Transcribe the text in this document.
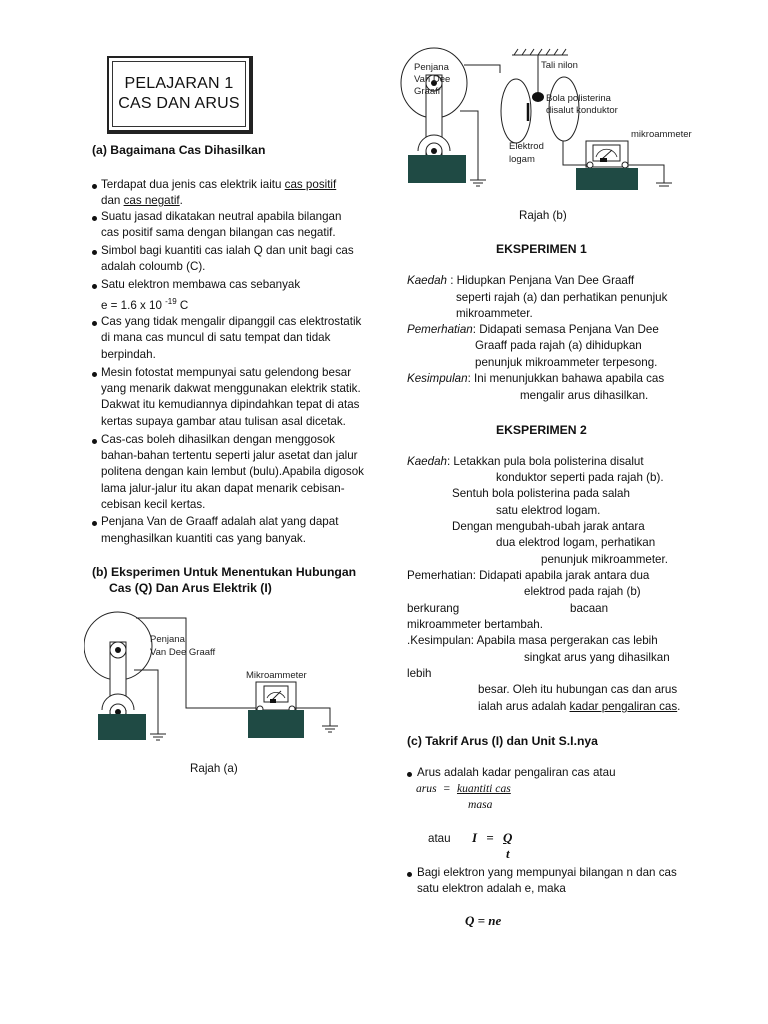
PELAJARAN 1
CAS DAN ARUS
(a) Bagaimana Cas Dihasilkan
Terdapat dua jenis cas elektrik iaitu cas positif
dan cas negatif.
Suatu jasad dikatakan neutral apabila bilangan
cas positif sama dengan bilangan cas negatif.
Simbol bagi kuantiti cas ialah Q dan unit bagi cas
adalah coloumb (C).
Satu elektron membawa cas sebanyak
e = 1.6 x 10 $^{-19}$ C
Cas yang tidak mengalir dipanggil cas elektrostatik
di mana cas muncul di satu tempat dan tidak
berpindah.
Mesin fotostat mempunyai satu gelendong besar
yang menarik dakwat menggunakan elektrik statik.
Dakwat itu kemudiannya dipindahkan tepat di atas
kertas supaya gambar atau tulisan asal dicetak.
Cas-cas boleh dihasilkan dengan menggosok
bahan-bahan tertentu seperti jalur asetat dan jalur
politena dengan kain lembut (bulu).Apabila digosok
lama jalur-jalur itu akan dapat menarik cebisan-
cebisan kecil kertas.
Penjana Van de Graaff adalah alat yang dapat
menghasilkan kuantiti cas yang banyak.
(b) Eksperimen Untuk Menentukan Hubungan
Cas (Q) Dan Arus Elektrik (I)
Penjana
Van Dee Graaff
Mikroammeter
Rajah (a)
Penjana
Van Dee
Graaff
Tali nilon
Bola polisterina
disalut konduktor
Elektrod
logam
mikroammeter
Rajah (b)
EKSPERIMEN 1
Kaedah : Hidupkan Penjana Van Dee Graaff
seperti rajah (a) dan perhatikan penunjuk
mikroammeter.
Pemerhatian: Didapati semasa Penjana Van Dee
Graaff pada rajah (a) dihidupkan
penunjuk mikroammeter terpesong.
Kesimpulan: Ini menunjukkan bahawa apabila cas
mengalir arus dihasilkan.
EKSPERIMEN 2
Kaedah: Letakkan pula bola polisterina disalut
konduktor seperti pada rajah (b).
Sentuh bola polisterina pada salah
satu elektrod logam.
Dengan mengubah-ubah jarak antara
dua elektrod logam, perhatikan
penunjuk mikroammeter.
Pemerhatian: Didapati apabila jarak antara dua
elektrod pada rajah (b)
berkurang	bacaan
mikroammeter bertambah.
.Kesimpulan: Apabila masa pergerakan cas lebih
singkat arus yang dihasilkan
lebih
besar. Oleh itu hubungan cas dan arus
ialah arus adalah kadar pengaliran cas.
(c) Takrif Arus (I) dan Unit S.I.nya
Arus adalah kadar pengaliran cas atau
arus = kuantiti cas
masa
atau I = Q
t
Bagi elektron yang mempunyai bilangan n dan cas
satu elektron adalah e, maka
Q = ne
